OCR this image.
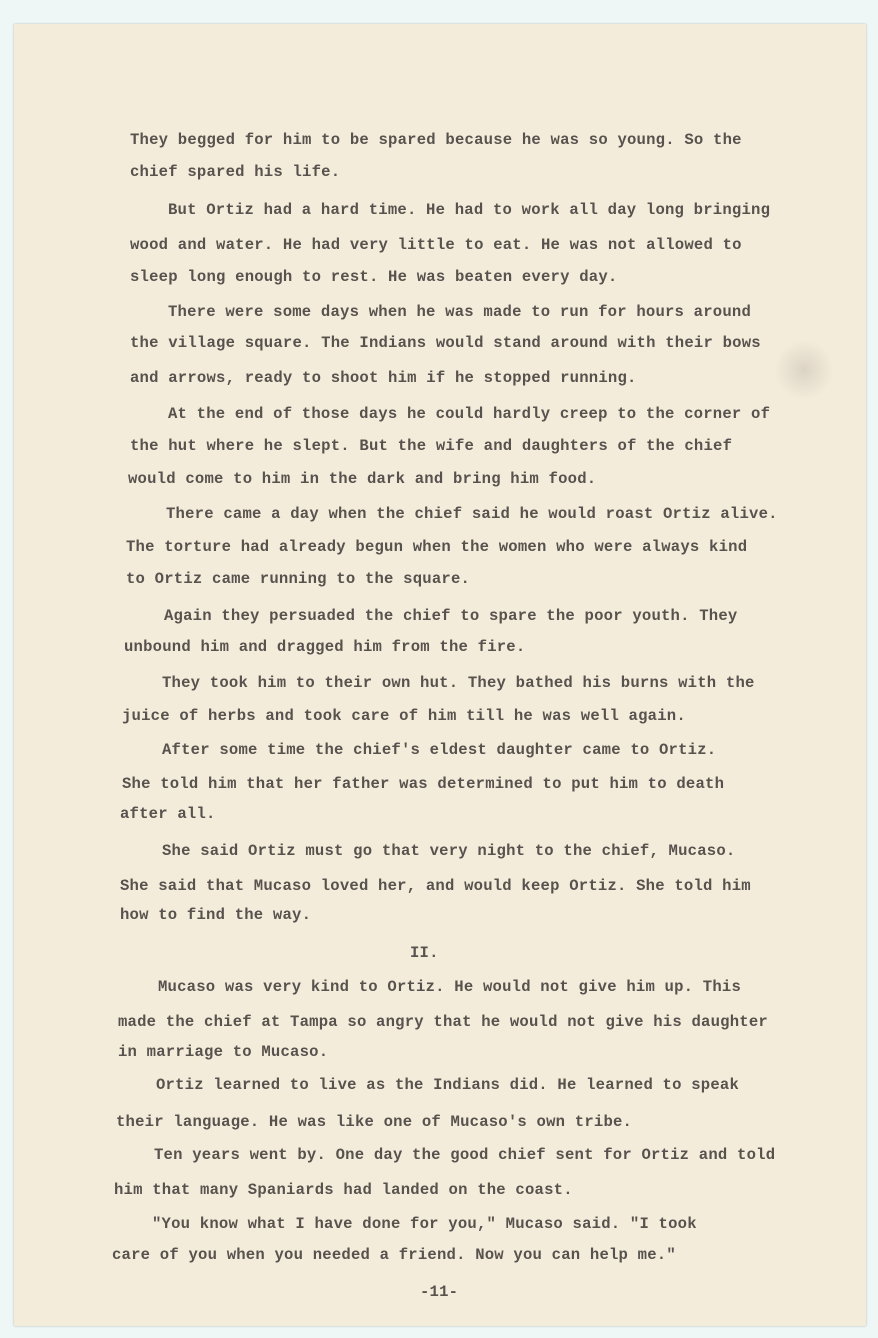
They begged for him to be spared because he was so young. So the
chief spared his life.
But Ortiz had a hard time. He had to work all day long bringing
wood and water. He had very little to eat. He was not allowed to
sleep long enough to rest. He was beaten every day.
There were some days when he was made to run for hours around
the village square. The Indians would stand around with their bows
and arrows, ready to shoot him if he stopped running.
At the end of those days he could hardly creep to the corner of
the hut where he slept. But the wife and daughters of the chief
would come to him in the dark and bring him food.
There came a day when the chief said he would roast Ortiz alive.
The torture had already begun when the women who were always kind
to Ortiz came running to the square.
Again they persuaded the chief to spare the poor youth. They
unbound him and dragged him from the fire.
They took him to their own hut. They bathed his burns with the
juice of herbs and took care of him till he was well again.
After some time the chief's eldest daughter came to Ortiz.
She told him that her father was determined to put him to death
after all.
She said Ortiz must go that very night to the chief, Mucaso.
She said that Mucaso loved her, and would keep Ortiz. She told him
how to find the way.
II.
Mucaso was very kind to Ortiz. He would not give him up. This
made the chief at Tampa so angry that he would not give his daughter
in marriage to Mucaso.
Ortiz learned to live as the Indians did. He learned to speak
their language. He was like one of Mucaso's own tribe.
Ten years went by. One day the good chief sent for Ortiz and told
him that many Spaniards had landed on the coast.
"You know what I have done for you," Mucaso said. "I took
care of you when you needed a friend. Now you can help me."
-11-
